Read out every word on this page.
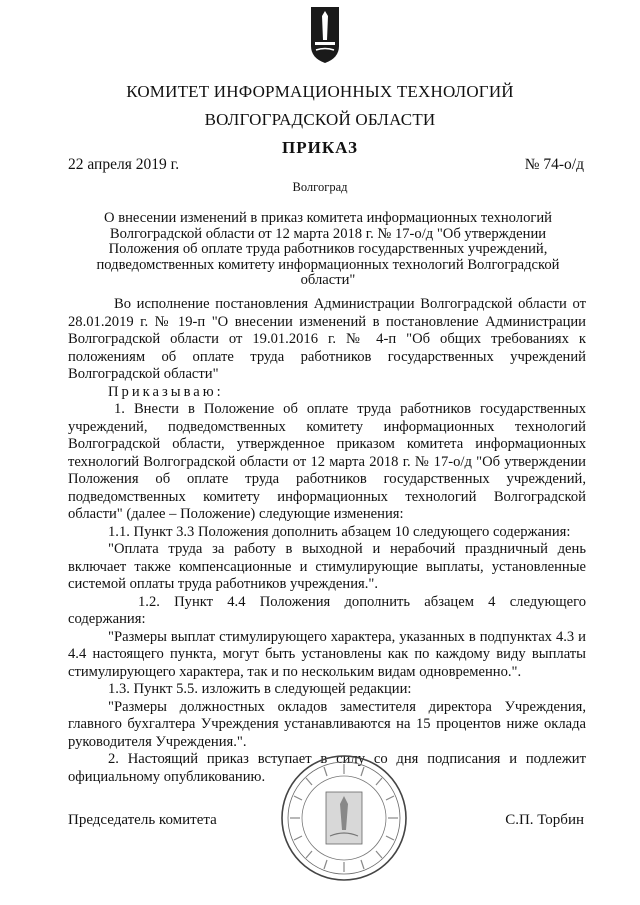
КОМИТЕТ ИНФОРМАЦИОННЫХ ТЕХНОЛОГИЙ
ВОЛГОГРАДСКОЙ ОБЛАСТИ
ПРИКАЗ
22 апреля 2019 г.	№ 74-о/д
Волгоград
О внесении изменений в приказ комитета информационных технологий Волгоградской области от 12 марта 2018 г. № 17-о/д "Об утверждении Положения об оплате труда работников государственных учреждений, подведомственных комитету информационных технологий Волгоградской области"

Во исполнение постановления Администрации Волгоградской области от 28.01.2019 г. № 19-п "О внесении изменений в постановление Администрации Волгоградской области от 19.01.2016 г. № 4-п "Об общих требованиях к положениям об оплате труда работников государственных учреждений Волгоградской области"

Приказываю:

1. Внести в Положение об оплате труда работников государственных учреждений, подведомственных комитету информационных технологий Волгоградской области, утвержденное приказом комитета информационных технологий Волгоградской области от 12 марта 2018 г. № 17-о/д "Об утверждении Положения об оплате труда работников государственных учреждений, подведомственных комитету информационных технологий Волгоградской области" (далее – Положение) следующие изменения:

1.1. Пункт 3.3 Положения дополнить абзацем 10 следующего содержания:

"Оплата труда за работу в выходной и нерабочий праздничный день включает также компенсационные и стимулирующие выплаты, установленные системой оплаты труда работников учреждения.".

1.2. Пункт 4.4 Положения дополнить абзацем 4 следующего содержания:

"Размеры выплат стимулирующего характера, указанных в подпунктах 4.3 и 4.4 настоящего пункта, могут быть установлены как по каждому виду выплаты стимулирующего характера, так и по нескольким видам одновременно.".

1.3. Пункт 5.5. изложить в следующей редакции:

"Размеры должностных окладов заместителя директора Учреждения, главного бухгалтера Учреждения устанавливаются на 15 процентов ниже оклада руководителя Учреждения.".

2. Настоящий приказ вступает в силу со дня подписания и подлежит официальному опубликованию.

Председатель комитета	С.П. Торбин
